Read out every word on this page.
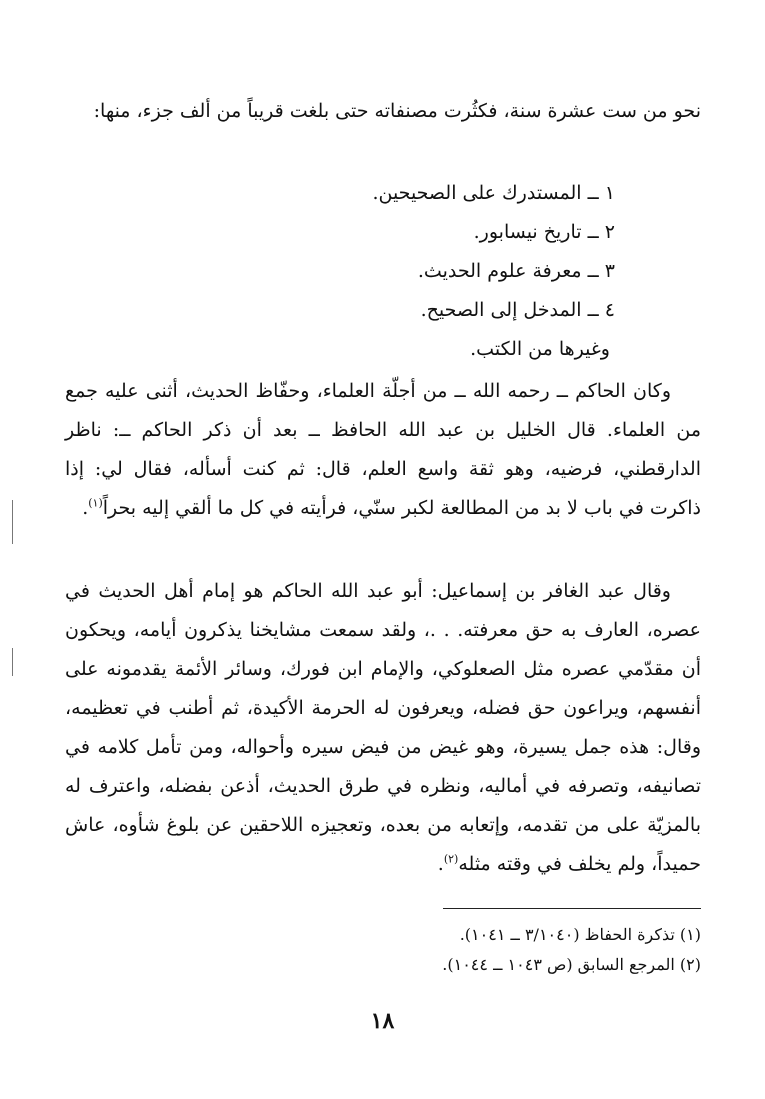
نحو من ست عشرة سنة، فكثُرت مصنفاته حتى بلغت قريباً من ألف جزء، منها:
١ ــ المستدرك على الصحيحين.
٢ ــ تاريخ نيسابور.
٣ ــ معرفة علوم الحديث.
٤ ــ المدخل إلى الصحيح.
وغيرها من الكتب.
وكان الحاكم ــ رحمه الله ــ من أجلّة العلماء، وحفّاظ الحديث، أثنى عليه جمع من العلماء. قال الخليل بن عبد الله الحافظ ــ بعد أن ذكر الحاكم ــ: ناظر الدارقطني، فرضيه، وهو ثقة واسع العلم، قال: ثم كنت أسأله، فقال لي: إذا ذاكرت في باب لا بد من المطالعة لكبر سنّي، فرأيته في كل ما ألقي إليه بحراً$^{(١)}$.
وقال عبد الغافر بن إسماعيل: أبو عبد الله الحاكم هو إمام أهل الحديث في عصره، العارف به حق معرفته. . .، ولقد سمعت مشايخنا يذكرون أيامه، ويحكون أن مقدّمي عصره مثل الصعلوكي، والإمام ابن فورك، وسائر الأئمة يقدمونه على أنفسهم، ويراعون حق فضله، ويعرفون له الحرمة الأكيدة، ثم أطنب في تعظيمه، وقال: هذه جمل يسيرة، وهو غيض من فيض سيره وأحواله، ومن تأمل كلامه في تصانيفه، وتصرفه في أماليه، ونظره في طرق الحديث، أذعن بفضله، واعترف له بالمزيّة على من تقدمه، وإتعابه من بعده، وتعجيزه اللاحقين عن بلوغ شأوه، عاش حميداً، ولم يخلف في وقته مثله$^{(٢)}$.
(١) تذكرة الحفاظ (٣/١٠٤٠ ــ ١٠٤١).
(٢) المرجع السابق (ص ١٠٤٣ ــ ١٠٤٤).
١٨
